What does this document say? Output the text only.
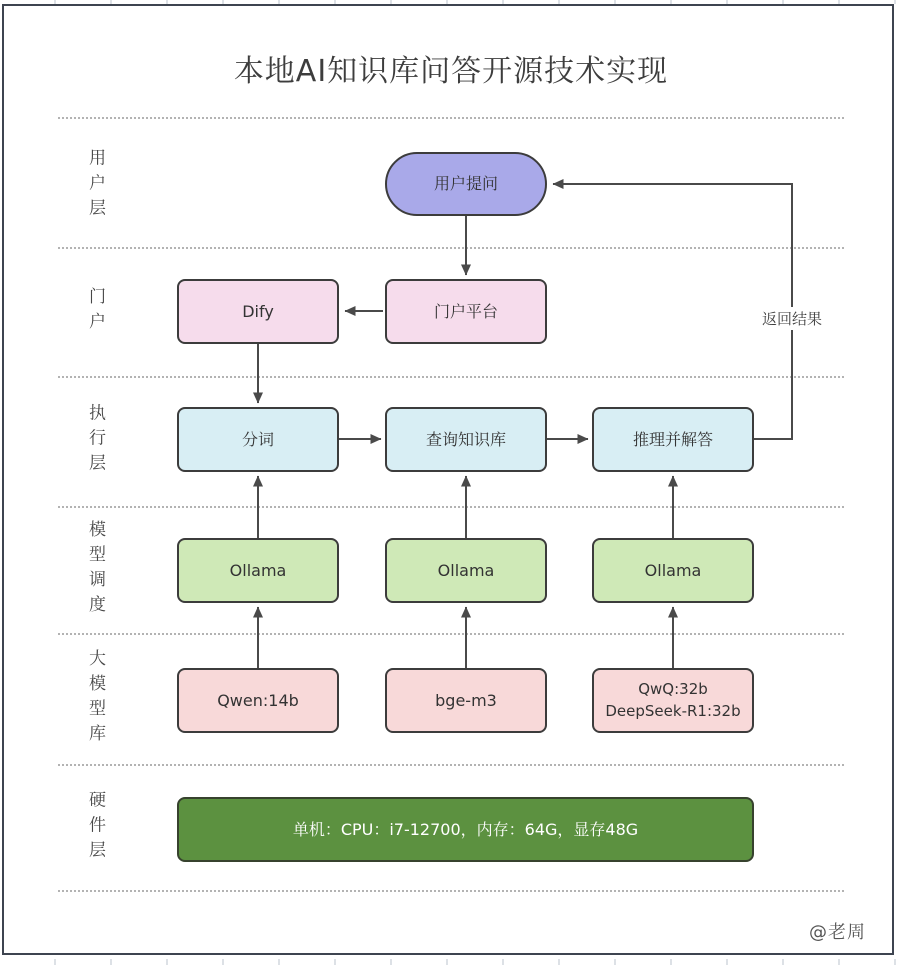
本地AI知识库问答开源技术实现
用户层
门户
执行层
模型调度
大模型库
硬件层
返回结果
用户提问
Dify	门户平台
分词	查询知识库	推理并解答
Ollama	Ollama	Ollama
Qwen:14b	bge-m3
QwQ:32b
DeepSeek-R1:32b
单机：CPU：i7-12700，内存：64G，显存48G
@老周
